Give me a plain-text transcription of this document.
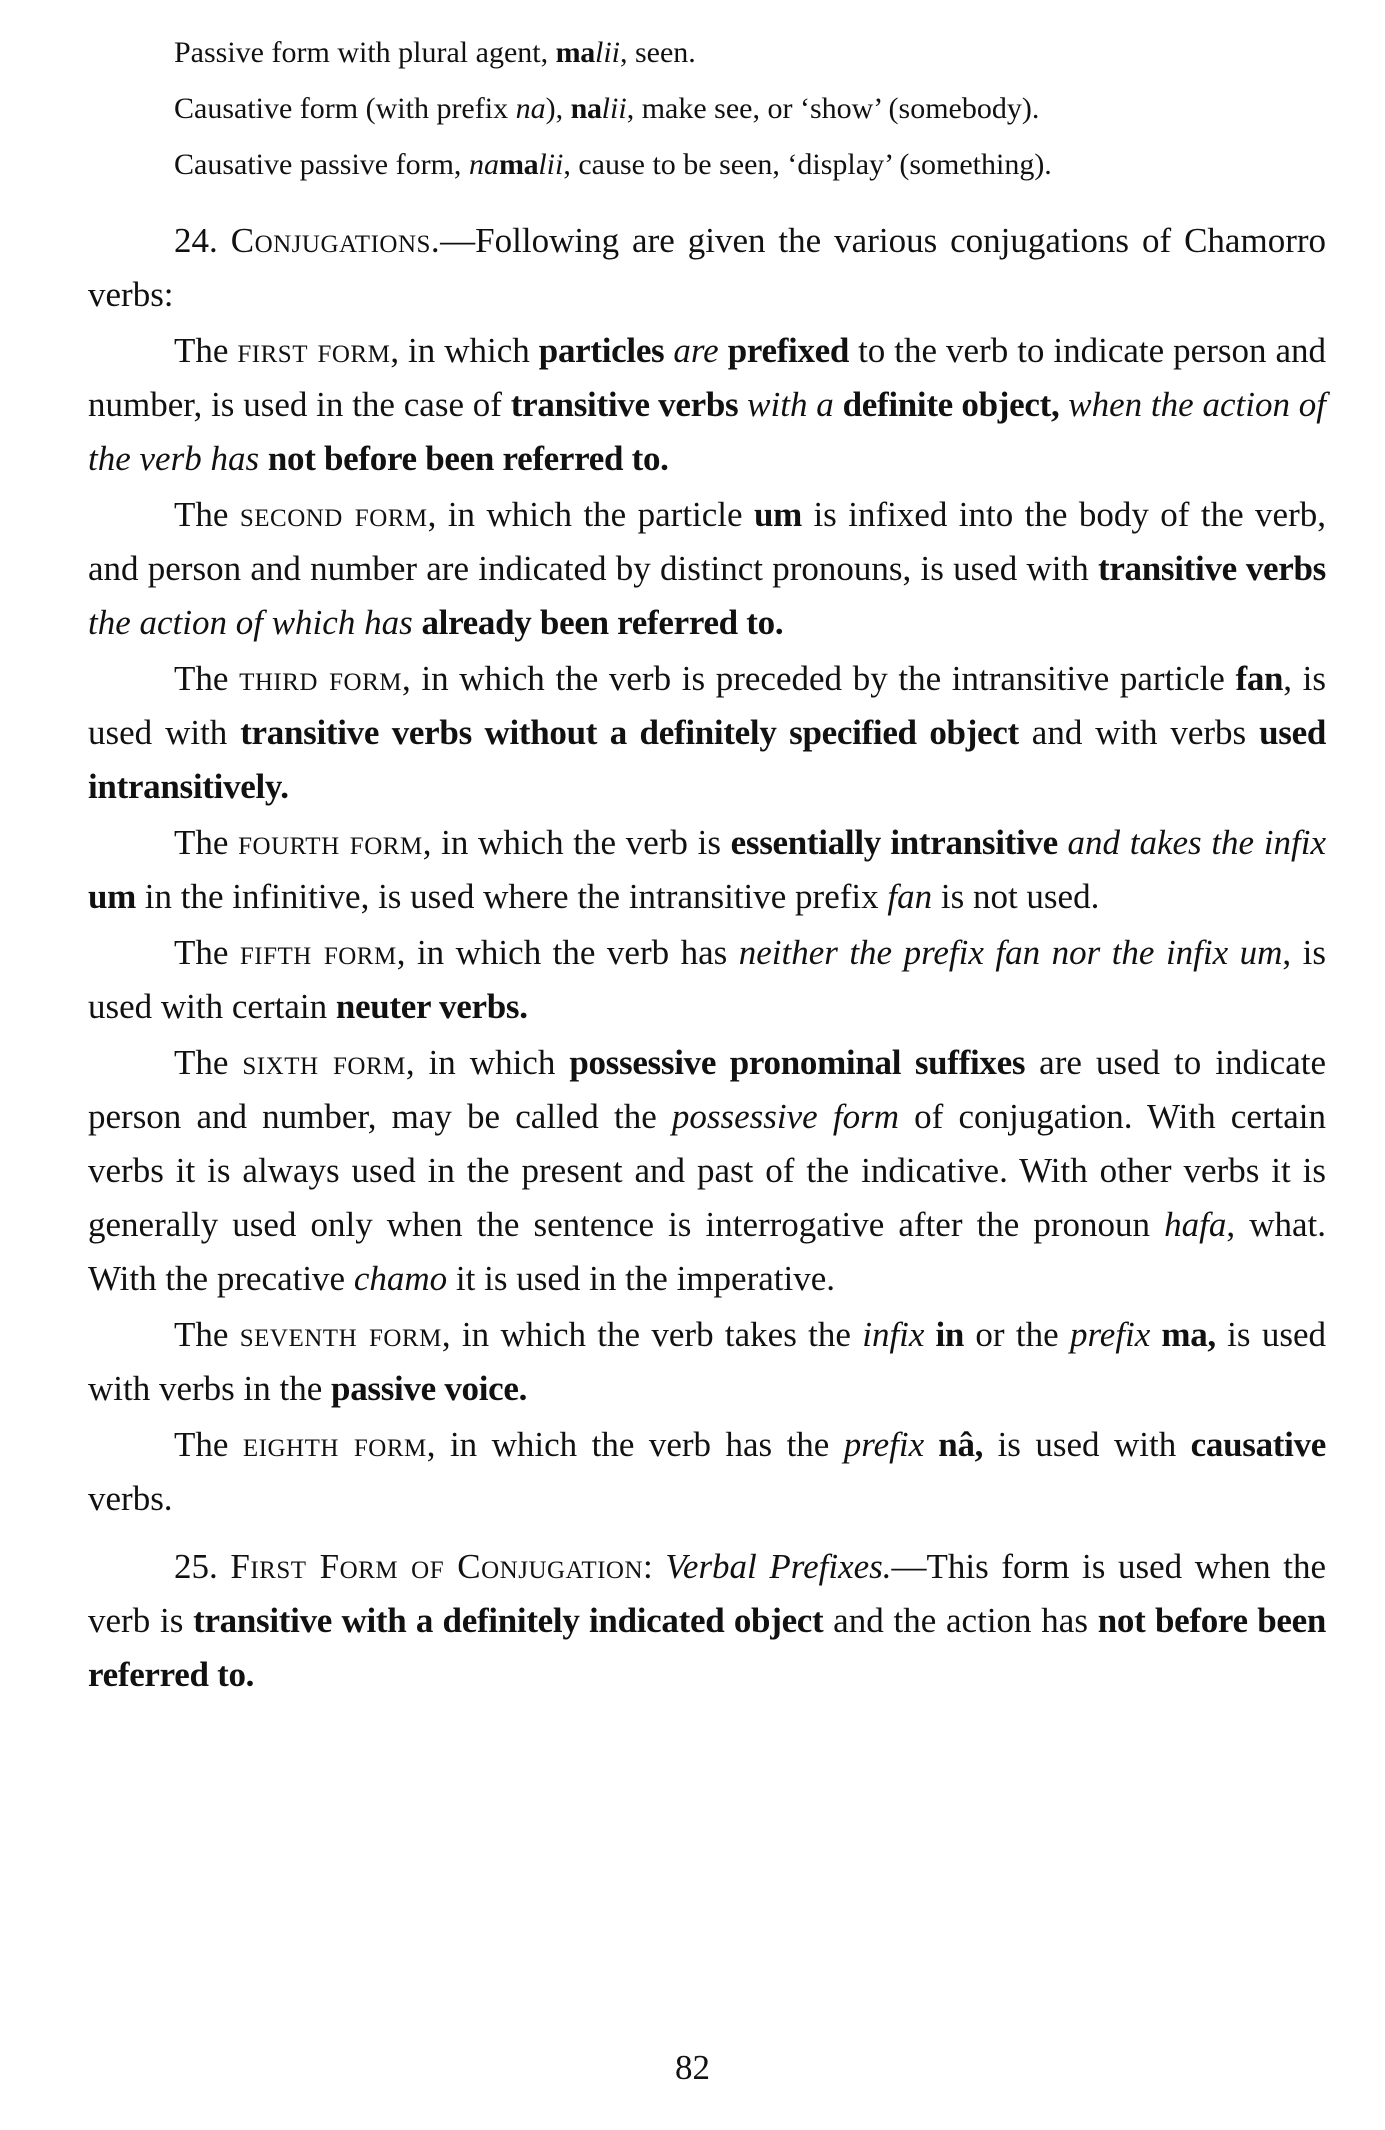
Passive form with plural agent, malii, seen.

Causative form (with prefix na), nalii, make see, or ‘show’ (somebody).

Causative passive form, namalii, cause to be seen, ‘display’ (something).

24. Conjugations.—Following are given the various conjugations of Chamorro verbs:

The first form, in which particles are prefixed to the verb to indicate person and number, is used in the case of transitive verbs with a definite object, when the action of the verb has not before been referred to.

The second form, in which the particle um is infixed into the body of the verb, and person and number are indicated by distinct pronouns, is used with transitive verbs the action of which has already been referred to.

The third form, in which the verb is preceded by the intransitive particle fan, is used with transitive verbs without a definitely specified object and with verbs used intransitively.

The fourth form, in which the verb is essentially intransitive and takes the infix um in the infinitive, is used where the intransitive prefix fan is not used.

The fifth form, in which the verb has neither the prefix fan nor the infix um, is used with certain neuter verbs.

The sixth form, in which possessive pronominal suffixes are used to indicate person and number, may be called the possessive form of conjugation. With certain verbs it is always used in the present and past of the indicative. With other verbs it is generally used only when the sentence is interrogative after the pronoun hafa, what. With the precative chamo it is used in the imperative.

The seventh form, in which the verb takes the infix in or the prefix ma, is used with verbs in the passive voice.

The eighth form, in which the verb has the prefix nâ, is used with causative verbs.

25. First Form of Conjugation: Verbal Prefixes.—This form is used when the verb is transitive with a definitely indicated object and the action has not before been referred to.

82
